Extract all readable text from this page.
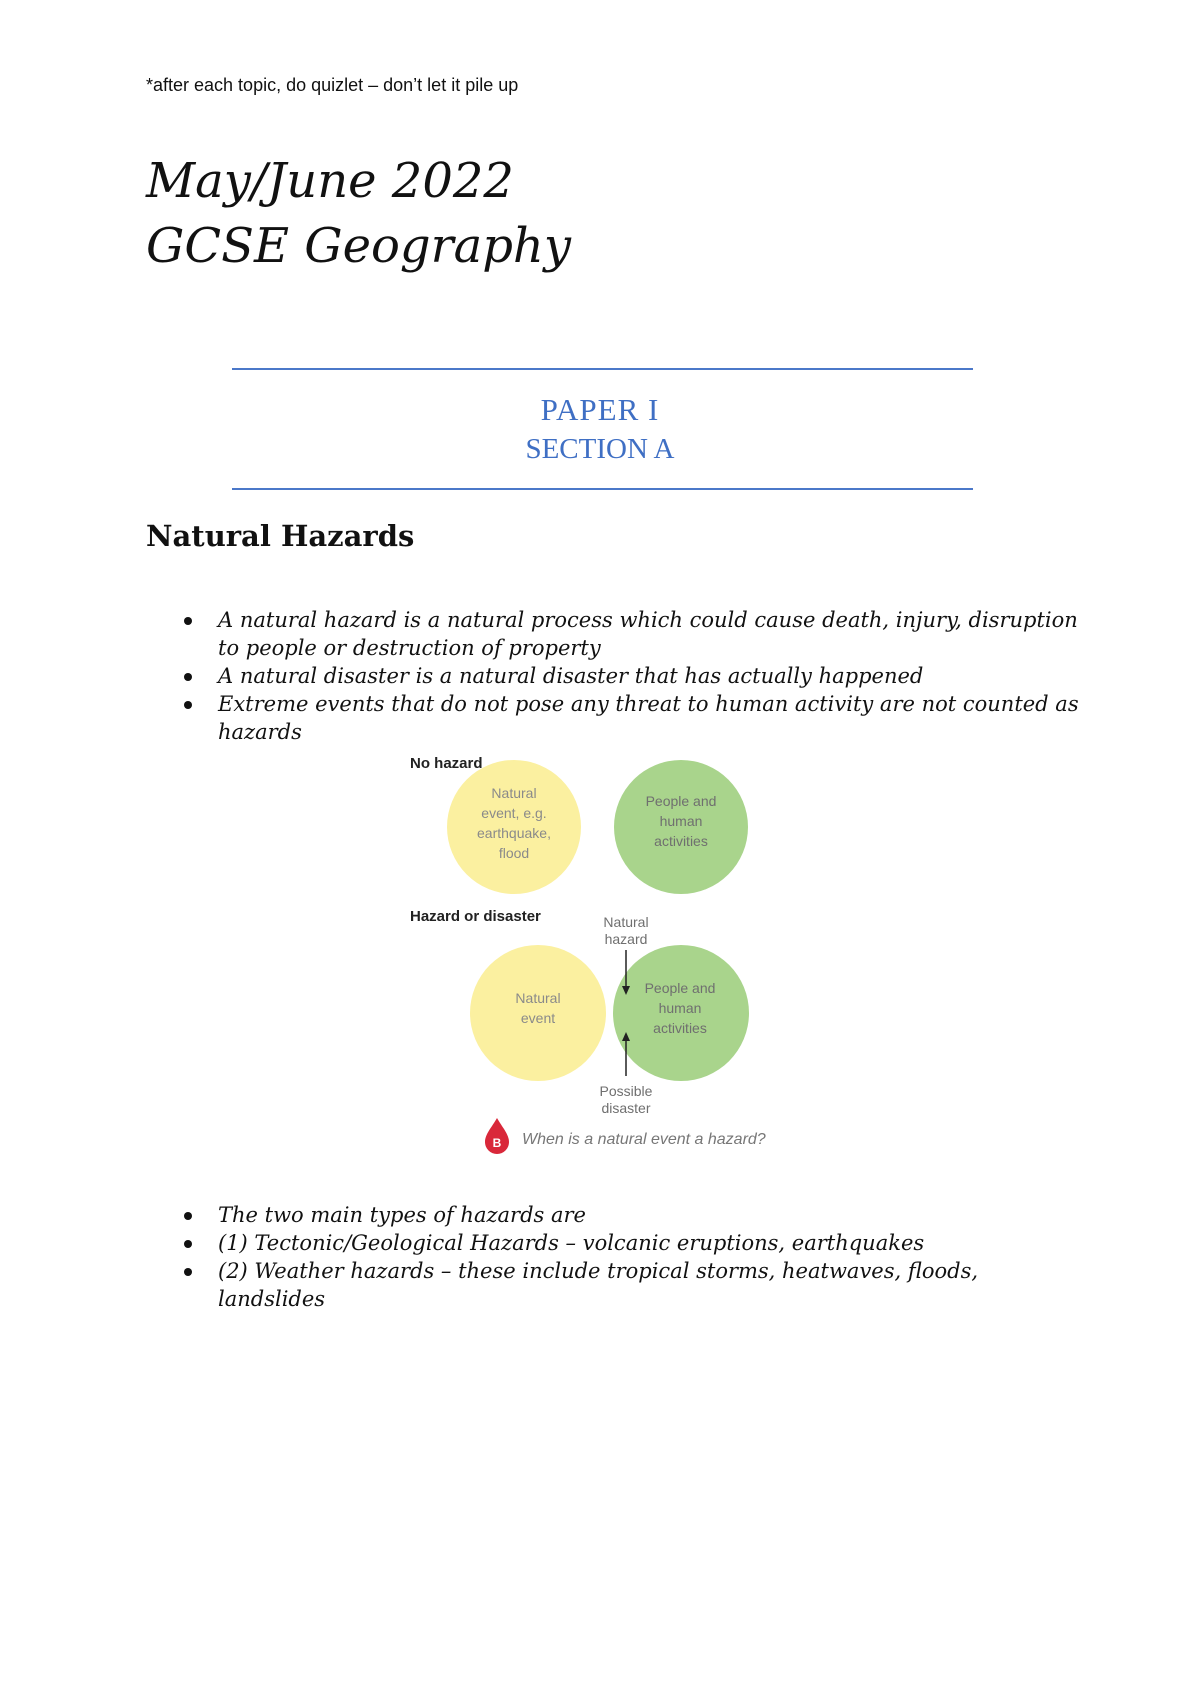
*after each topic, do quizlet – don’t let it pile up
May/June 2022
GCSE Geography
PAPER I
SECTION A
Natural Hazards
A natural hazard is a natural process which could cause death, injury, disruption to people or destruction of property
A natural disaster is a natural disaster that has actually happened
Extreme events that do not pose any threat to human activity are not counted as hazards
No hazard
Natural event, e.g. earthquake, flood
People and human activities
Hazard or disaster	Natural hazard
Natural event
People and human activities
Possible disaster
B When is a natural event a hazard?
The two main types of hazards are
(1) Tectonic/Geological Hazards – volcanic eruptions, earthquakes
(2) Weather hazards – these include tropical storms, heatwaves, floods, landslides
